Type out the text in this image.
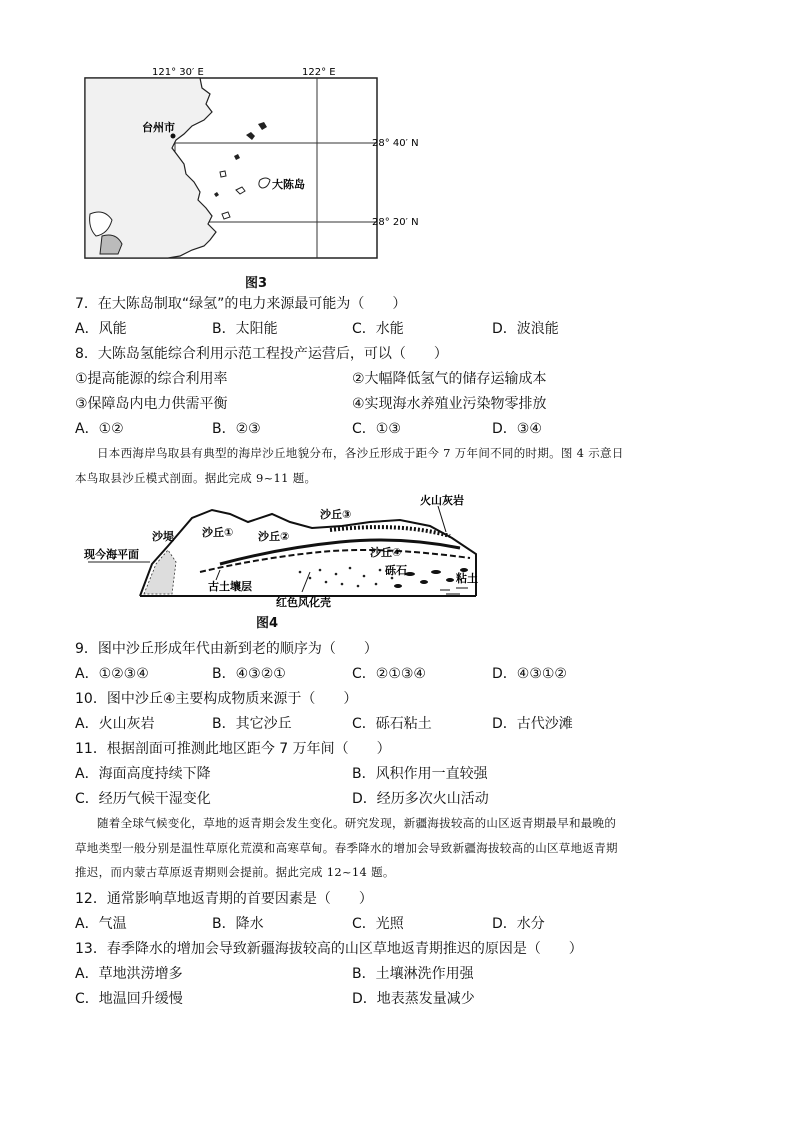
121° 30′ E	122° E
28° 40′ N
28° 20′ N
台州市
大陈岛
图3
7．在大陈岛制取“绿氢”的电力来源最可能为（　　）
A．风能	B．太阳能	C．水能	D．波浪能
8．大陈岛氢能综合利用示范工程投产运营后，可以（　　）
①提高能源的综合利用率	②大幅降低氢气的储存运输成本
③保障岛内电力供需平衡	④实现海水养殖业污染物零排放
A．①②	B．②③	C．①③	D．③④
日本西海岸鸟取县有典型的海岸沙丘地貌分布，各沙丘形成于距今 7 万年间不同的时期。图 4 示意日
本鸟取县沙丘模式剖面。据此完成 9~11 题。
火山灰岩
沙丘③
沙堤	沙丘① 沙丘②
现今海平面	沙丘④
砾石
粘土
古土壤层
红色风化壳
图4
9．图中沙丘形成年代由新到老的顺序为（　　）
A．①②③④	B．④③②①	C．②①③④	D．④③①②
10．图中沙丘④主要构成物质来源于（　　）
A．火山灰岩	B．其它沙丘	C．砾石粘土	D．古代沙滩
11．根据剖面可推测此地区距今 7 万年间（　　）
A．海面高度持续下降	B．风积作用一直较强
C．经历气候干湿变化	D．经历多次火山活动
随着全球气候变化，草地的返青期会发生变化。研究发现，新疆海拔较高的山区返青期最早和最晚的
草地类型一般分别是温性草原化荒漠和高寒草甸。春季降水的增加会导致新疆海拔较高的山区草地返青期
推迟，而内蒙古草原返青期则会提前。据此完成 12~14 题。
12．通常影响草地返青期的首要因素是（　　）
A．气温	B．降水	C．光照	D．水分
13．春季降水的增加会导致新疆海拔较高的山区草地返青期推迟的原因是（　　）
A．草地洪涝增多	B．土壤淋洗作用强
C．地温回升缓慢	D．地表蒸发量减少
